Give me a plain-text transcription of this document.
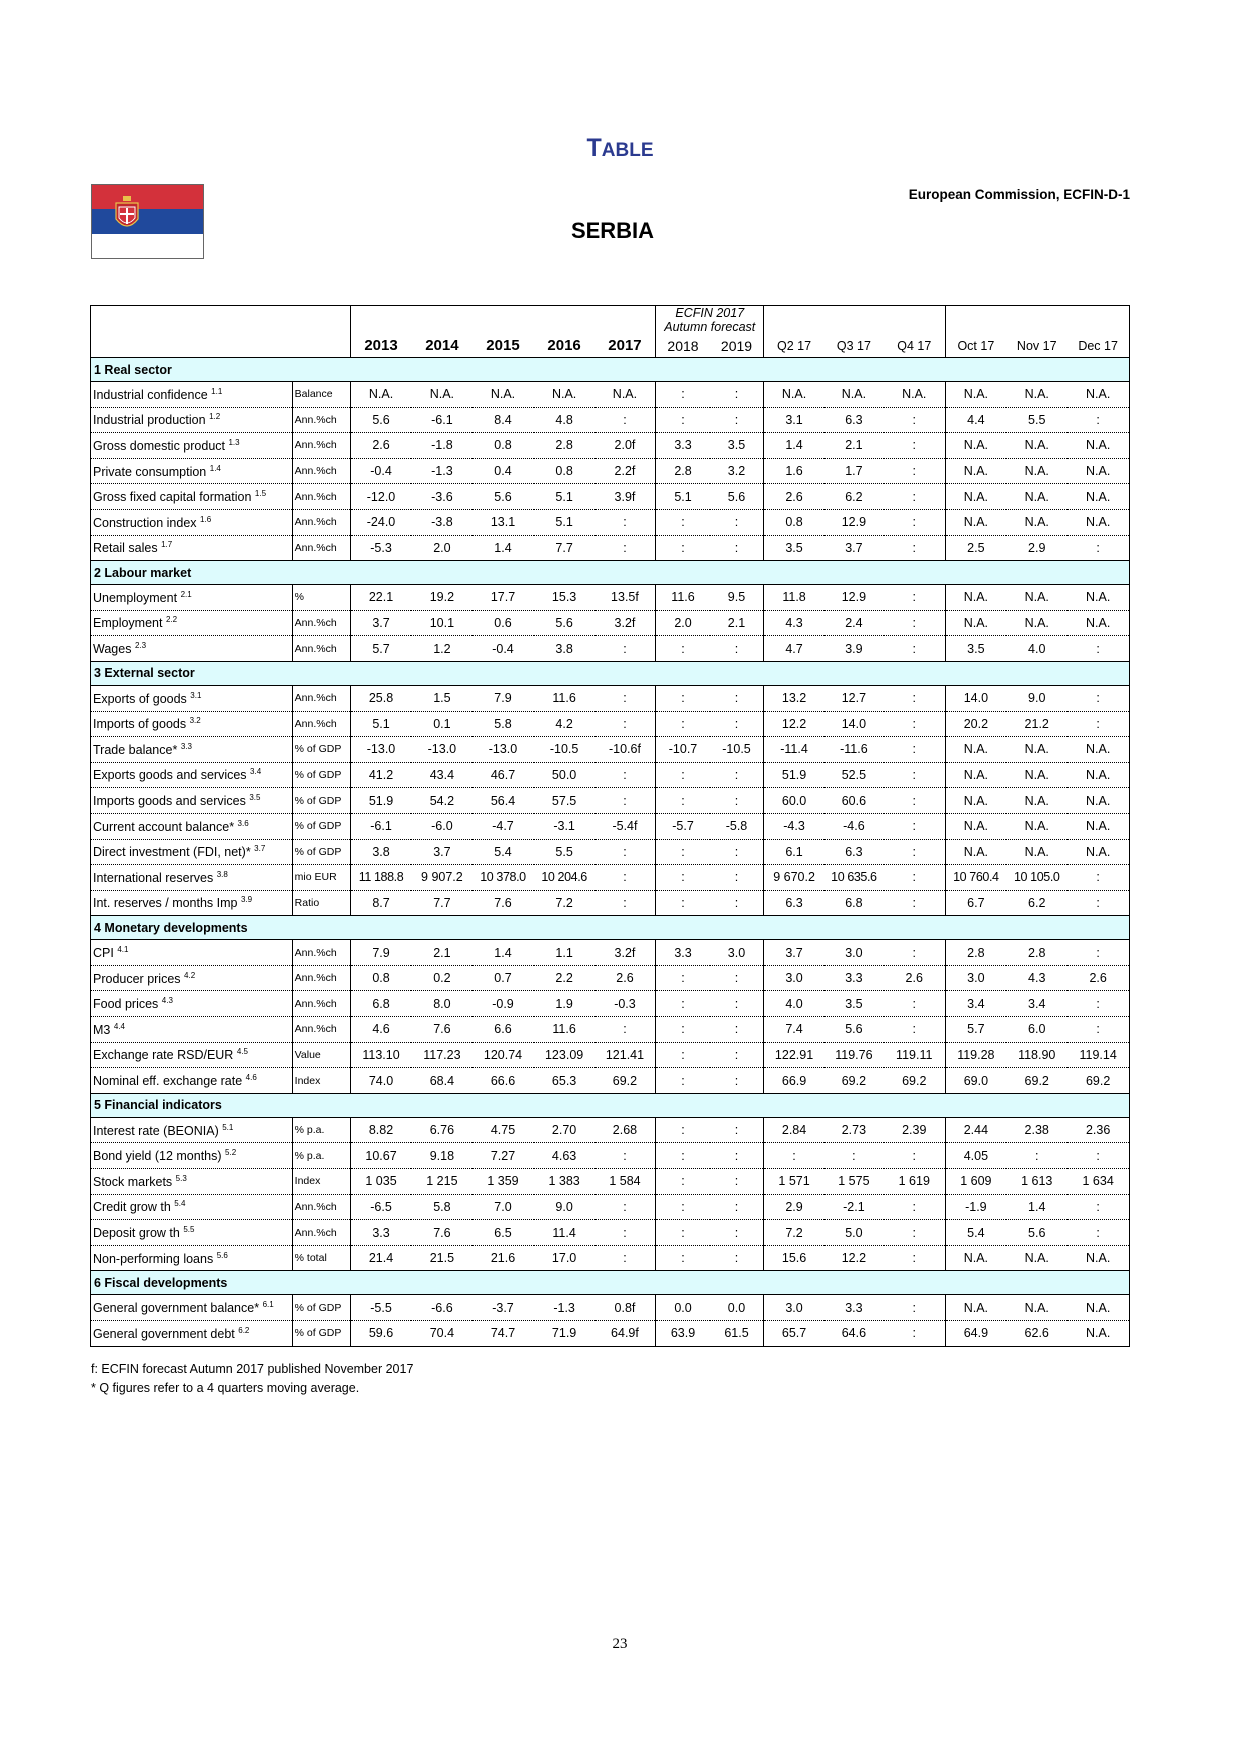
TABLE
European Commission, ECFIN-D-1
SERBIA
							ECFIN 2017
Autumn forecast							
		2013	2014	2015	2016	2017	2018	2019	Q2 17	Q3 17	Q4 17	Oct 17	Nov 17	Dec 17
1 Real sector														
Industrial confidence $^{1.1}$	Balance	N.A.	N.A.	N.A.	N.A.	N.A.	:	:	N.A.	N.A.	N.A.	N.A.	N.A.	N.A.
Industrial production $^{1.2}$	Ann.%ch	5.6	-6.1	8.4	4.8	:	:	:	3.1	6.3	:	4.4	5.5	:
Gross domestic product $^{1.3}$	Ann.%ch	2.6	-1.8	0.8	2.8	2.0f	3.3	3.5	1.4	2.1	:	N.A.	N.A.	N.A.
Private consumption $^{1.4}$	Ann.%ch	-0.4	-1.3	0.4	0.8	2.2f	2.8	3.2	1.6	1.7	:	N.A.	N.A.	N.A.
Gross fixed capital formation $^{1.5}$	Ann.%ch	-12.0	-3.6	5.6	5.1	3.9f	5.1	5.6	2.6	6.2	:	N.A.	N.A.	N.A.
Construction index $^{1.6}$	Ann.%ch	-24.0	-3.8	13.1	5.1	:	:	:	0.8	12.9	:	N.A.	N.A.	N.A.
Retail sales $^{1.7}$	Ann.%ch	-5.3	2.0	1.4	7.7	:	:	:	3.5	3.7	:	2.5	2.9	:
2 Labour market														
Unemployment $^{2.1}$	%	22.1	19.2	17.7	15.3	13.5f	11.6	9.5	11.8	12.9	:	N.A.	N.A.	N.A.
Employment $^{2.2}$	Ann.%ch	3.7	10.1	0.6	5.6	3.2f	2.0	2.1	4.3	2.4	:	N.A.	N.A.	N.A.
Wages $^{2.3}$	Ann.%ch	5.7	1.2	-0.4	3.8	:	:	:	4.7	3.9	:	3.5	4.0	:
3 External sector														
Exports of goods $^{3.1}$	Ann.%ch	25.8	1.5	7.9	11.6	:	:	:	13.2	12.7	:	14.0	9.0	:
Imports of goods $^{3.2}$	Ann.%ch	5.1	0.1	5.8	4.2	:	:	:	12.2	14.0	:	20.2	21.2	:
Trade balance* $^{3.3}$	% of GDP	-13.0	-13.0	-13.0	-10.5	-10.6f	-10.7	-10.5	-11.4	-11.6	:	N.A.	N.A.	N.A.
Exports goods and services $^{3.4}$	% of GDP	41.2	43.4	46.7	50.0	:	:	:	51.9	52.5	:	N.A.	N.A.	N.A.
Imports goods and services $^{3.5}$	% of GDP	51.9	54.2	56.4	57.5	:	:	:	60.0	60.6	:	N.A.	N.A.	N.A.
Current account balance* $^{3.6}$	% of GDP	-6.1	-6.0	-4.7	-3.1	-5.4f	-5.7	-5.8	-4.3	-4.6	:	N.A.	N.A.	N.A.
Direct investment (FDI, net)* $^{3.7}$	% of GDP	3.8	3.7	5.4	5.5	:	:	:	6.1	6.3	:	N.A.	N.A.	N.A.
International reserves $^{3.8}$	mio EUR	11 188.8	9 907.2	10 378.0	10 204.6	:	:	:	9 670.2	10 635.6	:	10 760.4	10 105.0	:
Int. reserves / months Imp $^{3.9}$	Ratio	8.7	7.7	7.6	7.2	:	:	:	6.3	6.8	:	6.7	6.2	:
4 Monetary developments														
CPI $^{4.1}$	Ann.%ch	7.9	2.1	1.4	1.1	3.2f	3.3	3.0	3.7	3.0	:	2.8	2.8	:
Producer prices $^{4.2}$	Ann.%ch	0.8	0.2	0.7	2.2	2.6	:	:	3.0	3.3	2.6	3.0	4.3	2.6
Food prices $^{4.3}$	Ann.%ch	6.8	8.0	-0.9	1.9	-0.3	:	:	4.0	3.5	:	3.4	3.4	:
M3 $^{4.4}$	Ann.%ch	4.6	7.6	6.6	11.6	:	:	:	7.4	5.6	:	5.7	6.0	:
Exchange rate RSD/EUR $^{4.5}$	Value	113.10	117.23	120.74	123.09	121.41	:	:	122.91	119.76	119.11	119.28	118.90	119.14
Nominal eff. exchange rate $^{4.6}$	Index	74.0	68.4	66.6	65.3	69.2	:	:	66.9	69.2	69.2	69.0	69.2	69.2
5 Financial indicators														
Interest rate (BEONIA) $^{5.1}$	% p.a.	8.82	6.76	4.75	2.70	2.68	:	:	2.84	2.73	2.39	2.44	2.38	2.36
Bond yield (12 months) $^{5.2}$	% p.a.	10.67	9.18	7.27	4.63	:	:	:	:	:	:	4.05	:	:
Stock markets $^{5.3}$	Index	1 035	1 215	1 359	1 383	1 584	:	:	1 571	1 575	1 619	1 609	1 613	1 634
Credit grow th $^{5.4}$	Ann.%ch	-6.5	5.8	7.0	9.0	:	:	:	2.9	-2.1	:	-1.9	1.4	:
Deposit grow th $^{5.5}$	Ann.%ch	3.3	7.6	6.5	11.4	:	:	:	7.2	5.0	:	5.4	5.6	:
Non-performing loans $^{5.6}$	% total	21.4	21.5	21.6	17.0	:	:	:	15.6	12.2	:	N.A.	N.A.	N.A.
6 Fiscal developments														
General government balance* $^{6.1}$	% of GDP	-5.5	-6.6	-3.7	-1.3	0.8f	0.0	0.0	3.0	3.3	:	N.A.	N.A.	N.A.
General government debt $^{6.2}$	% of GDP	59.6	70.4	74.7	71.9	64.9f	63.9	61.5	65.7	64.6	:	64.9	62.6	N.A.

f: ECFIN forecast Autumn 2017 published November 2017
* Q figures refer to a 4 quarters moving average.
23
